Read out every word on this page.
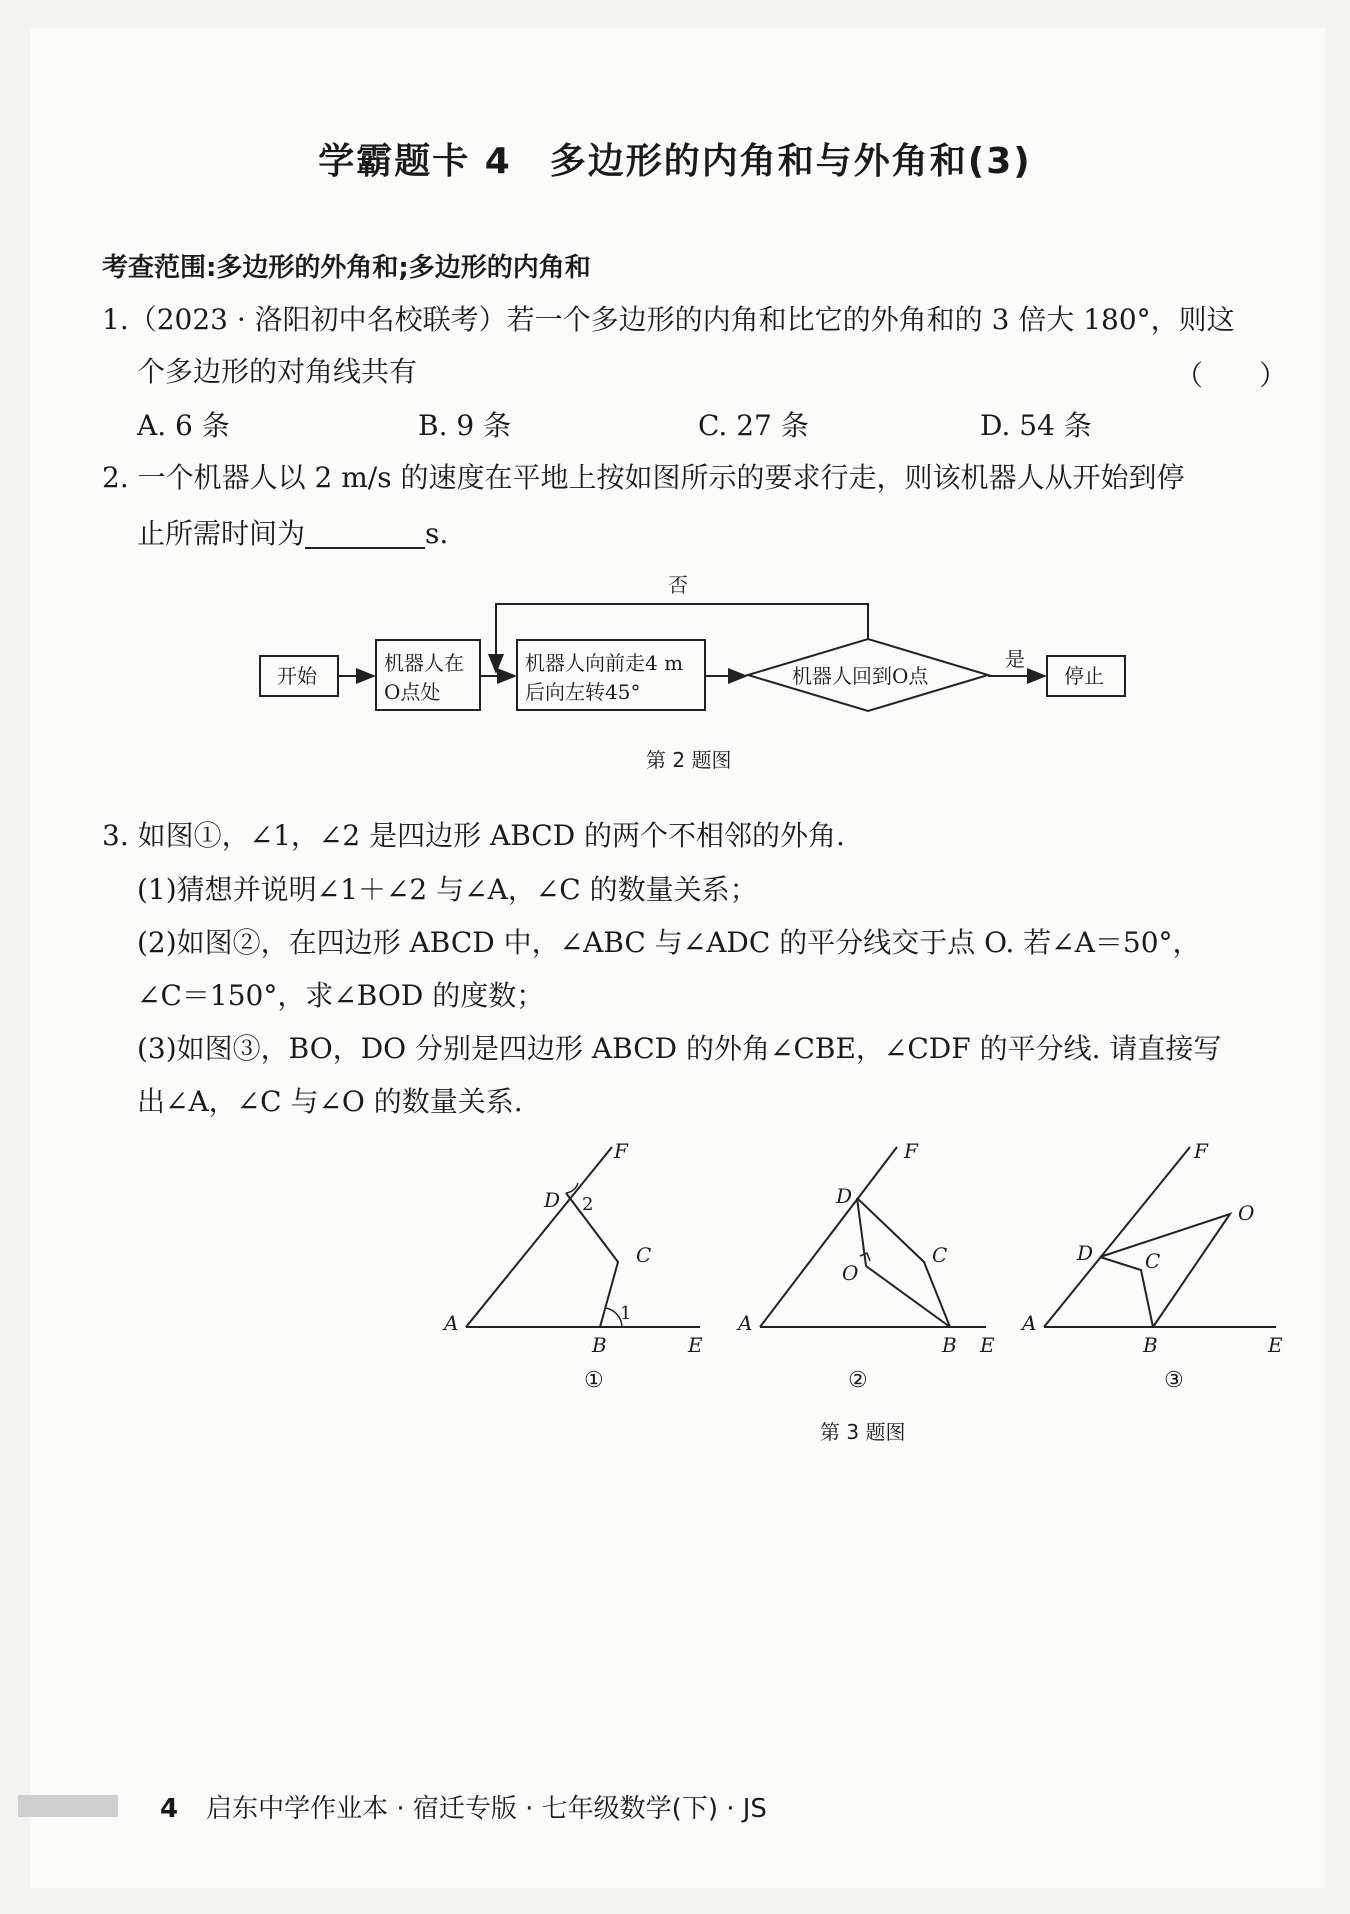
学霸题卡 4　多边形的内角和与外角和(3)
考查范围:多边形的外角和;多边形的内角和
1.（2023 · 洛阳初中名校联考）若一个多边形的内角和比它的外角和的 3 倍大 180°，则这
个多边形的对角线共有	（　　）
A. 6 条	B. 9 条	C. 27 条	D. 54 条
2. 一个机器人以 2 m/s 的速度在平地上按如图所示的要求行走，则该机器人从开始到停
止所需时间为	s.
开始
机器人在
O点处
机器人向前走4 m
后向左转45°
机器人回到O点
是
否
停止
第 2 题图
3. 如图①，∠1，∠2 是四边形 ABCD 的两个不相邻的外角.
(1)猜想并说明∠1＋∠2 与∠A，∠C 的数量关系；
(2)如图②，在四边形 ABCD 中，∠ABC 与∠ADC 的平分线交于点 O. 若∠A＝50°，
∠C＝150°，求∠BOD 的度数；
(3)如图③，BO，DO 分别是四边形 ABCD 的外角∠CBE，∠CDF 的平分线. 请直接写
出∠A，∠C 与∠O 的数量关系.
A
B
C
D
E
F
1
2
①
A
B
C
D
E
F
O
②
A
B
C
D
E
F
O
③
第 3 题图
4 启东中学作业本 · 宿迁专版 · 七年级数学(下) · JS
